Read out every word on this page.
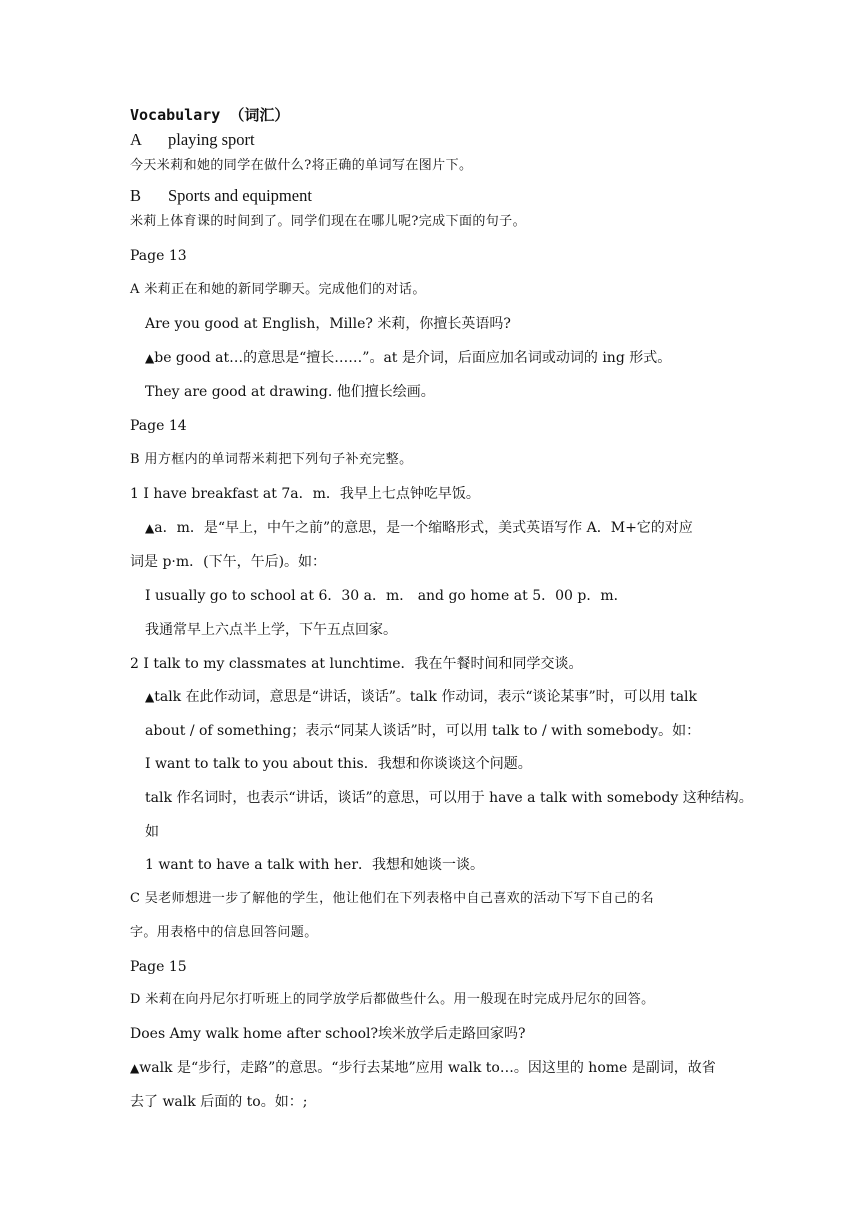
Vocabulary （词汇）
A playing sport
今天米莉和她的同学在做什么?将正确的单词写在图片下。
B Sports and equipment
米莉上体育课的时间到了。同学们现在在哪儿呢?完成下面的句子。
Page 13
A 米莉正在和她的新同学聊天。完成他们的对话。
Are you good at English，Mille? 米莉，你擅长英语吗?
▲be good at…的意思是“擅长……”。at 是介词，后面应加名词或动词的 ing 形式。
They are good at drawing. 他们擅长绘画。
Page 14
B 用方框内的单词帮米莉把下列句子补充完整。
1 I have breakfast at 7a．m．我早上七点钟吃早饭。
▲a．m．是“早上，中午之前”的意思，是一个缩略形式，美式英语写作 A．M+它的对应
词是 p·m．(下午，午后)。如：
I usually go to school at 6．30 a．m． and go home at 5．00 p．m．
我通常早上六点半上学，下午五点回家。
2 I talk to my classmates at lunchtime．我在午餐时间和同学交谈。
▲talk 在此作动词，意思是“讲话，谈话”。talk 作动词，表示“谈论某事”时，可以用 talk
about / of something；表示“同某人谈话”时，可以用 talk to / with somebody。如：
I want to talk to you about this．我想和你谈谈这个问题。
talk 作名词时，也表示“讲话，谈话”的意思，可以用于 have a talk with somebody 这种结构。
如
1 want to have a talk with her．我想和她谈一谈。
C 吴老师想进一步了解他的学生，他让他们在下列表格中自己喜欢的活动下写下自己的名
字。用表格中的信息回答问题。
Page 15
D 米莉在向丹尼尔打听班上的同学放学后都做些什么。用一般现在时完成丹尼尔的回答。
Does Amy walk home after school?埃米放学后走路回家吗?
▲walk 是“步行，走路”的意思。“步行去某地”应用 walk to…。因这里的 home 是副词，故省
去了 walk 后面的 to。如：;
